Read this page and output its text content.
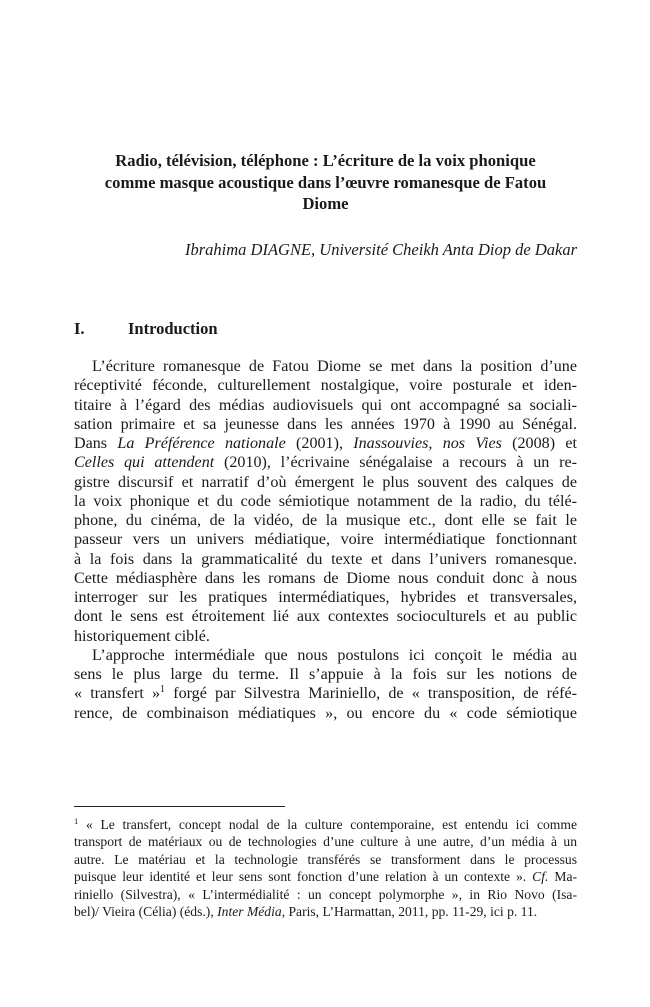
Radio, télévision, téléphone : L’écriture de la voix phonique
comme masque acoustique dans l’œuvre romanesque de Fatou
Diome
Ibrahima DIAGNE, Université Cheikh Anta Diop de Dakar
I.	Introduction
L’écriture romanesque de Fatou Diome se met dans la position d’une
réceptivité féconde, culturellement nostalgique, voire posturale et iden-
titaire à l’égard des médias audiovisuels qui ont accompagné sa sociali-
sation primaire et sa jeunesse dans les années 1970 à 1990 au Sénégal.
Dans La Préférence nationale (2001), Inassouvies, nos Vies (2008) et
Celles qui attendent (2010), l’écrivaine sénégalaise a recours à un re-
gistre discursif et narratif d’où émergent le plus souvent des calques de
la voix phonique et du code sémiotique notamment de la radio, du télé-
phone, du cinéma, de la vidéo, de la musique etc., dont elle se fait le
passeur vers un univers médiatique, voire intermédiatique fonctionnant
à la fois dans la grammaticalité du texte et dans l’univers romanesque.
Cette médiasphère dans les romans de Diome nous conduit donc à nous
interroger sur les pratiques intermédiatiques, hybrides et transversales,
dont le sens est étroitement lié aux contextes socioculturels et au public
historiquement ciblé.
L’approche intermédiale que nous postulons ici conçoit le média au
sens le plus large du terme. Il s’appuie à la fois sur les notions de
« transfert »$^1$ forgé par Silvestra Mariniello, de « transposition, de réfé-
rence, de combinaison médiatiques », ou encore du « code sémiotique
$^1$ « Le transfert, concept nodal de la culture contemporaine, est entendu ici comme
transport de matériaux ou de technologies d’une culture à une autre, d’un média à un
autre. Le matériau et la technologie transférés se transforment dans le processus
puisque leur identité et leur sens sont fonction d’une relation à un contexte ». Cf. Ma-
riniello (Silvestra), « L’intermédialité : un concept polymorphe », in Rio Novo (Isa-
bel)/ Vieira (Célia) (éds.), Inter Média, Paris, L’Harmattan, 2011, pp. 11-29, ici p. 11.
